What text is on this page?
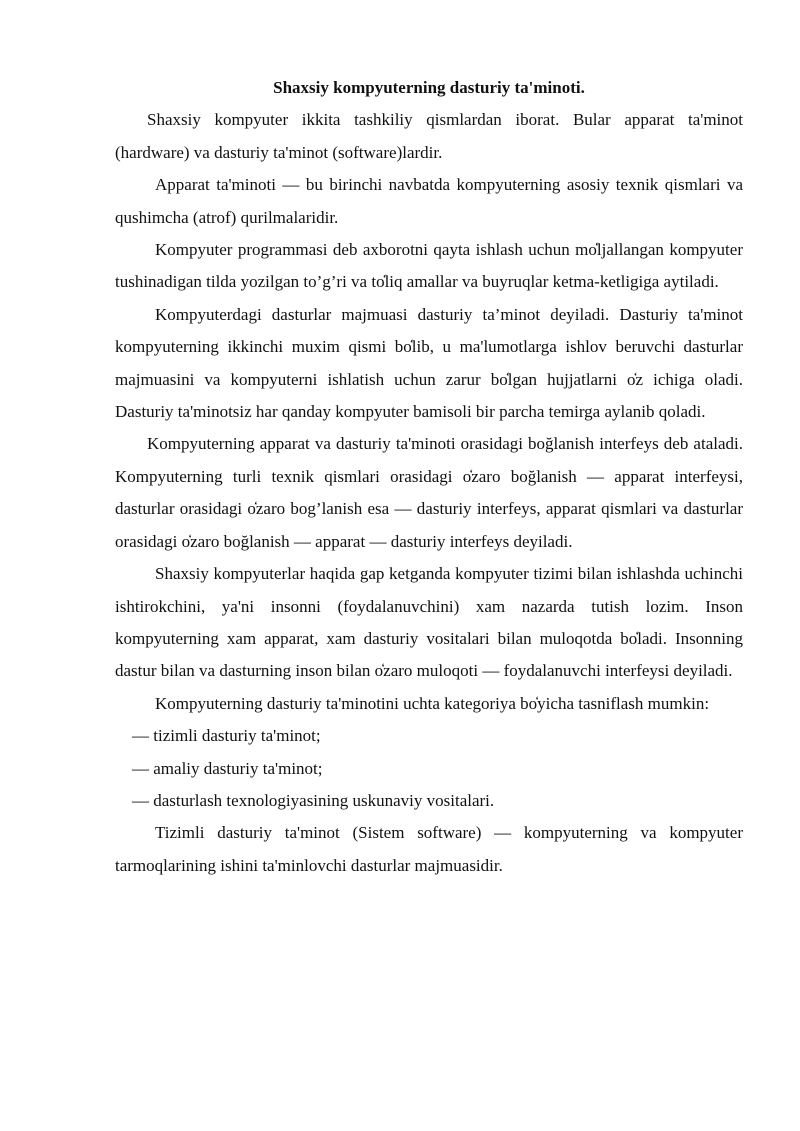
Shaxsiy kompyuterning dasturiy ta'minoti.

Shaxsiy kompyuter ikkita tashkiliy qismlardan iborat. Bular apparat ta'minot (hardware) va dasturiy ta'minot (software)lardir.

Apparat ta'minoti — bu birinchi navbatda kompyuterning asosiy texnik qismlari va qushimcha (atrof) qurilmalaridir.

Kompyuter programmasi deb axborotni qayta ishlash uchun mo̒ljallangan kompyuter tushinadigan tilda yozilgan to’g’ri va to̒liq amallar va buyruqlar ketma-ketligiga aytiladi.

Kompyuterdagi dasturlar majmuasi dasturiy ta’minot deyiladi. Dasturiy ta'minot kompyuterning ikkinchi muxim qismi bo̒lib, u ma'lumotlarga ishlov beruvchi dasturlar majmuasini va kompyuterni ishlatish uchun zarur bo̒lgan hujjatlarni o̒z ichiga oladi. Dasturiy ta'minotsiz har qanday kompyuter bamisoli bir parcha temirga aylanib qoladi.

Kompyuterning apparat va dasturiy ta'minoti orasidagi boğlanish interfeys deb ataladi. Kompyuterning turli texnik qismlari orasidagi o̒zaro boğlanish — apparat interfeysi, dasturlar orasidagi o̒zaro bog’lanish esa — dasturiy interfeys, apparat qismlari va dasturlar orasidagi o̒zaro boğlanish — apparat — dasturiy interfeys deyiladi.

Shaxsiy kompyuterlar haqida gap ketganda kompyuter tizimi bilan ishlashda uchinchi ishtirokchini, ya'ni insonni (foydalanuvchini) xam nazarda tutish lozim. Inson kompyuterning xam apparat, xam dasturiy vositalari bilan muloqotda bo̒ladi. Insonning dastur bilan va dasturning inson bilan o̒zaro muloqoti — foydalanuvchi interfeysi deyiladi.

Kompyuterning dasturiy ta'minotini uchta kategoriya bo̒yicha tasniflash mumkin:

— tizimli dasturiy ta'minot;

— amaliy dasturiy ta'minot;

— dasturlash texnologiyasining uskunaviy vositalari.

Tizimli dasturiy ta'minot (Sistem software) — kompyuterning va kompyuter tarmoqlarining ishini ta'minlovchi dasturlar majmuasidir.
